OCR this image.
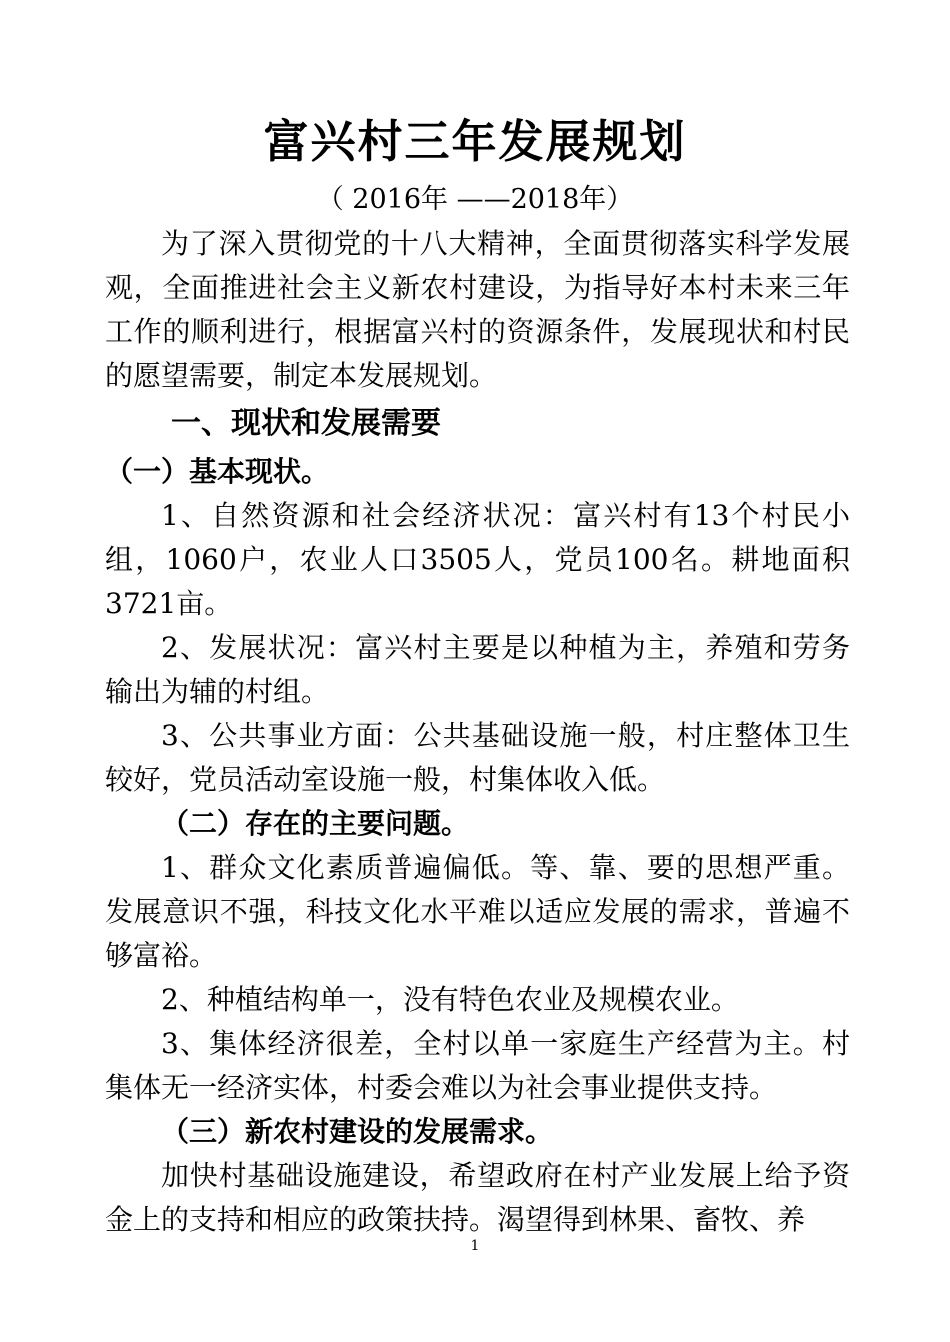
富兴村三年发展规划
（ 2016年 ——2018年）

为了深入贯彻党的十八大精神，全面贯彻落实科学发展观，全面推进社会主义新农村建设，为指导好本村未来三年工作的顺利进行，根据富兴村的资源条件，发展现状和村民的愿望需要，制定本发展规划。

一、现状和发展需要

（一）基本现状。

1、自然资源和社会经济状况：富兴村有13个村民小组，1060户，农业人口3505人，党员100名。耕地面积3721亩。

2、发展状况：富兴村主要是以种植为主，养殖和劳务输出为辅的村组。

3、公共事业方面：公共基础设施一般，村庄整体卫生较好，党员活动室设施一般，村集体收入低。

（二）存在的主要问题。

1、群众文化素质普遍偏低。等、靠、要的思想严重。发展意识不强，科技文化水平难以适应发展的需求，普遍不够富裕。

2、种植结构单一，没有特色农业及规模农业。

3、集体经济很差，全村以单一家庭生产经营为主。村集体无一经济实体，村委会难以为社会事业提供支持。

（三）新农村建设的发展需求。

加快村基础设施建设，希望政府在村产业发展上给予资金上的支持和相应的政策扶持。渴望得到林果、畜牧、养

1
